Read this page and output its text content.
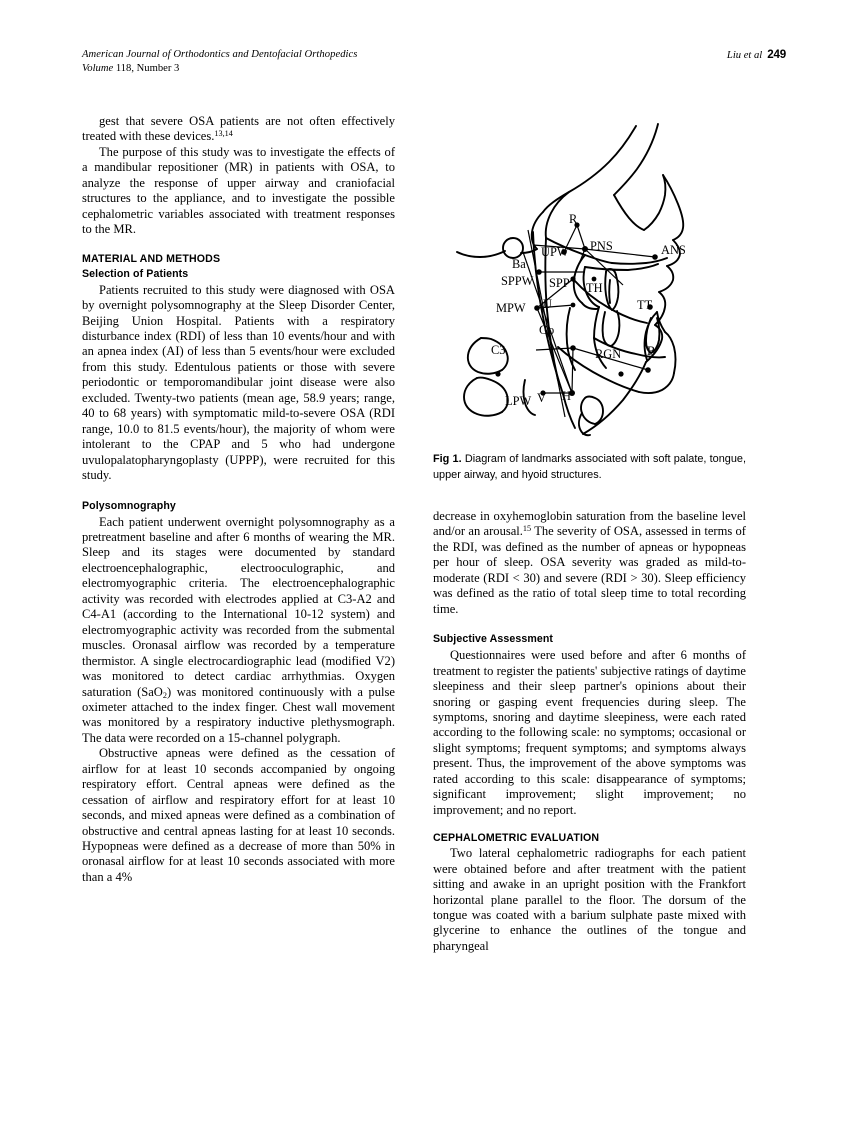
American Journal of Orthodontics and Dentofacial Orthopedics
Volume 118, Number 3
Liu et al 249

gest that severe OSA patients are not often effectively treated with these devices.$^{13,14}$

The purpose of this study was to investigate the effects of a mandibular repositioner (MR) in patients with OSA, to analyze the response of upper airway and craniofacial structures to the appliance, and to investigate the possible cephalometric variables associated with treatment responses to the MR.

MATERIAL AND METHODS
Selection of Patients

Patients recruited to this study were diagnosed with OSA by overnight polysomnography at the Sleep Disorder Center, Beijing Union Hospital. Patients with a respiratory disturbance index (RDI) of less than 10 events/hour and with an apnea index (AI) of less than 5 events/hour were excluded from this study. Edentulous patients or those with severe periodontic or temporomandibular joint disease were also excluded. Twenty-two patients (mean age, 58.9 years; range, 40 to 68 years) with symptomatic mild-to-severe OSA (RDI range, 10.0 to 81.5 events/hour), the majority of whom were intolerant to the CPAP and 5 who had undergone uvulopalatopharyngoplasty (UPPP), were recruited for this study.

Polysomnography

Each patient underwent overnight polysomnography as a pretreatment baseline and after 6 months of wearing the MR. Sleep and its stages were documented by standard electroencephalographic, electrooculographic, and electromyographic criteria. The electroencephalographic activity was recorded with electrodes applied at C3-A2 and C4-A1 (according to the International 10-12 system) and electromyographic activity was recorded from the submental muscles. Oronasal airflow was recorded by a temperature thermistor. A single electrocardiographic lead (modified V2) was monitored to detect cardiac arrhythmias. Oxygen saturation (SaO$_2$) was monitored continuously with a pulse oximeter attached to the index finger. Chest wall movement was monitored by a respiratory inductive plethysmograph. The data were recorded on a 15-channel polygraph.

Obstructive apneas were defined as the cessation of airflow for at least 10 seconds accompanied by ongoing respiratory effort. Central apneas were defined as the cessation of airflow and respiratory effort for at least 10 seconds, and mixed apneas were defined as a combination of obstructive and central apneas lasting for at least 10 seconds. Hypopneas were defined as a decrease of more than 50% in oronasal airflow for at least 10 seconds associated with more than a 4%

R
PNS	ANS
UPW
Ba
SPPW SPP TH
U	TT
MPW
Go
B
C3	RGN
LPW V H
Fig 1. Diagram of landmarks associated with soft palate, tongue, upper airway, and hyoid structures.

decrease in oxyhemoglobin saturation from the baseline level and/or an arousal.$^{15}$ The severity of OSA, assessed in terms of the RDI, was defined as the number of apneas or hypopneas per hour of sleep. OSA severity was graded as mild-to-moderate (RDI < 30) and severe (RDI > 30). Sleep efficiency was defined as the ratio of total sleep time to total recording time.

Subjective Assessment

Questionnaires were used before and after 6 months of treatment to register the patients' subjective ratings of daytime sleepiness and their sleep partner's opinions about their snoring or gasping event frequencies during sleep. The symptoms, snoring and daytime sleepiness, were each rated according to the following scale: no symptoms; occasional or slight symptoms; frequent symptoms; and symptoms always present. Thus, the improvement of the above symptoms was rated according to this scale: disappearance of symptoms; significant improvement; slight improvement; no improvement; and no report.

CEPHALOMETRIC EVALUATION

Two lateral cephalometric radiographs for each patient were obtained before and after treatment with the patient sitting and awake in an upright position with the Frankfort horizontal plane parallel to the floor. The dorsum of the tongue was coated with a barium sulphate paste mixed with glycerine to enhance the outlines of the tongue and pharyngeal
